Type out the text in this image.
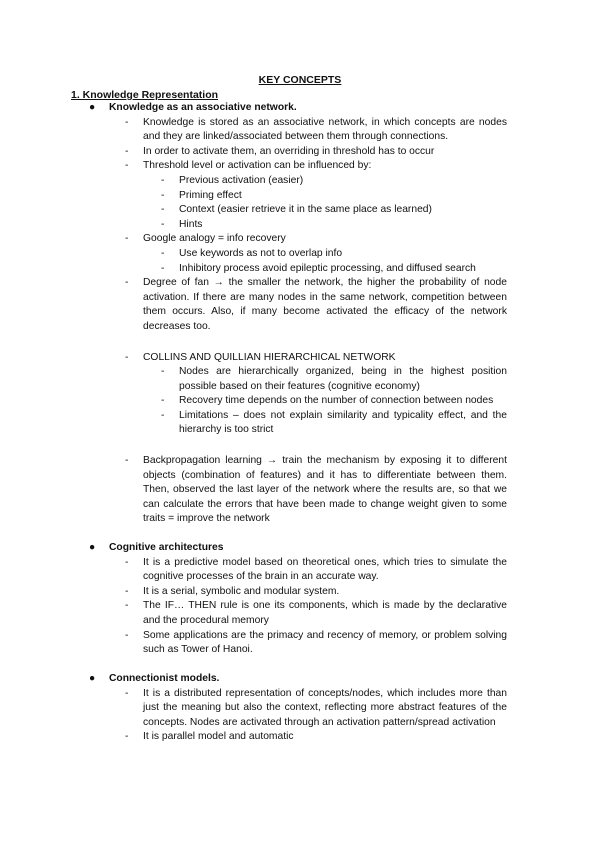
KEY CONCEPTS
1. Knowledge Representation
● Knowledge as an associative network.
- Knowledge is stored as an associative network, in which concepts are nodes and they are linked/associated between them through connections.
- In order to activate them, an overriding in threshold has to occur
- Threshold level or activation can be influenced by:
- Previous activation (easier)
- Priming effect
- Context (easier retrieve it in the same place as learned)
- Hints
- Google analogy = info recovery
- Use keywords as not to overlap info
- Inhibitory process avoid epileptic processing, and diffused search
- Degree of fan → the smaller the network, the higher the probability of node activation. If there are many nodes in the same network, competition between them occurs. Also, if many become activated the efficacy of the network decreases too.
- COLLINS AND QUILLIAN HIERARCHICAL NETWORK
- Nodes are hierarchically organized, being in the highest position possible based on their features (cognitive economy)
- Recovery time depends on the number of connection between nodes
- Limitations – does not explain similarity and typicality effect, and the hierarchy is too strict
- Backpropagation learning → train the mechanism by exposing it to different objects (combination of features) and it has to differentiate between them. Then, observed the last layer of the network where the results are, so that we can calculate the errors that have been made to change weight given to some traits = improve the network
● Cognitive architectures
- It is a predictive model based on theoretical ones, which tries to simulate the cognitive processes of the brain in an accurate way.
- It is a serial, symbolic and modular system.
- The IF… THEN rule is one its components, which is made by the declarative and the procedural memory
- Some applications are the primacy and recency of memory, or problem solving such as Tower of Hanoi.
● Connectionist models.
- It is a distributed representation of concepts/nodes, which includes more than just the meaning but also the context, reflecting more abstract features of the concepts. Nodes are activated through an activation pattern/spread activation
- It is parallel model and automatic
